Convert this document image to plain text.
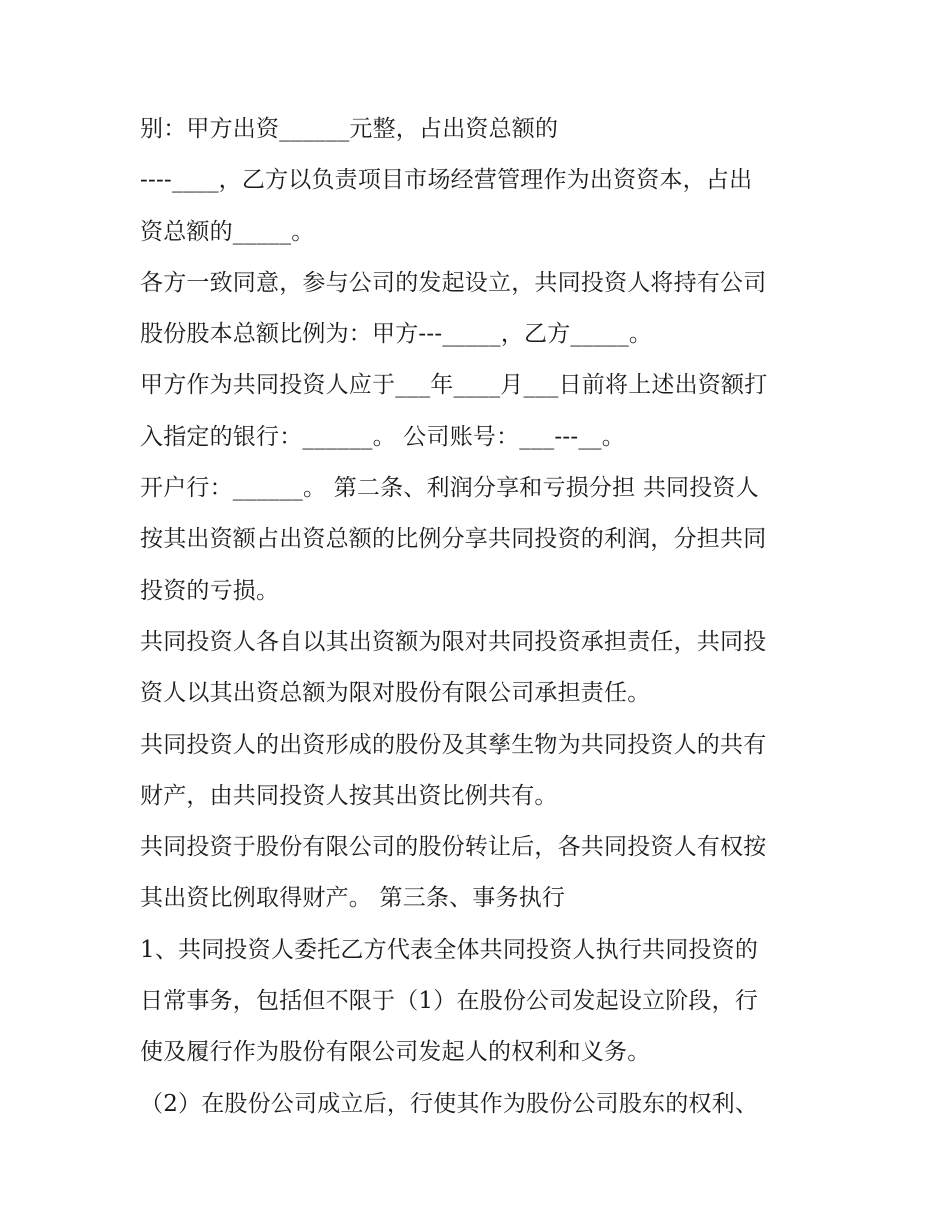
别：甲方出资______元整，占出资总额的
----____，乙方以负责项目市场经营管理作为出资资本，占出
资总额的_____。
各方一致同意，参与公司的发起设立，共同投资人将持有公司
股份股本总额比例为：甲方---_____，乙方_____。
甲方作为共同投资人应于___年____月___日前将上述出资额打
入指定的银行：______。 公司账号：___---__。
开户行：______。 第二条、利润分享和亏损分担 共同投资人
按其出资额占出资总额的比例分享共同投资的利润，分担共同
投资的亏损。
共同投资人各自以其出资额为限对共同投资承担责任，共同投
资人以其出资总额为限对股份有限公司承担责任。
共同投资人的出资形成的股份及其孳生物为共同投资人的共有
财产，由共同投资人按其出资比例共有。
共同投资于股份有限公司的股份转让后，各共同投资人有权按
其出资比例取得财产。 第三条、事务执行
1、共同投资人委托乙方代表全体共同投资人执行共同投资的
日常事务，包括但不限于（1）在股份公司发起设立阶段，行
使及履行作为股份有限公司发起人的权利和义务。
（2）在股份公司成立后，行使其作为股份公司股东的权利、
